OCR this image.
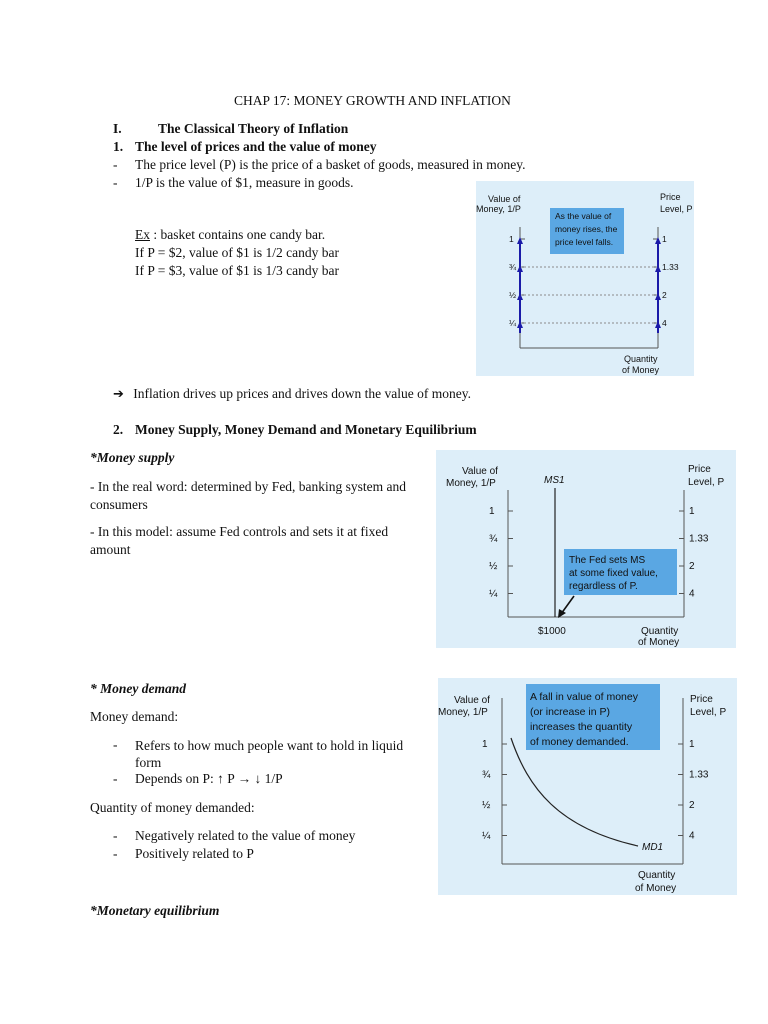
CHAP 17: MONEY GROWTH AND INFLATION
I.	The Classical Theory of Inflation
1. The level of prices and the value of money
- The price level (P) is the price of a basket of goods, measured in money.
- 1/P is the value of $1, measure in goods.
Ex : basket contains one candy bar.
If P = $2, value of $1 is 1/2 candy bar
If P = $3, value of $1 is 1/3 candy bar
Value of
Money, 1/P
Price
Level, P
1	1
¾	1.33
½	2
¼	4
As the value of
money rises, the
price level falls.
Quantity
of Money
➔ Inflation drives up prices and drives down the value of money.
2. Money Supply, Money Demand and Monetary Equilibrium
*Money supply
- In the real word: determined by Fed, banking system and consumers
- In this model: assume Fed controls and sets it at fixed amount
Value of
Money, 1/P
Price
Level, P
1	1
¾	1.33
½	2
¼	4
MS1
The Fed sets MS
at some fixed value,
regardless of P.
$1000	Quantity
of Money
* Money demand
Money demand:
- Refers to how much people want to hold in liquid form
- Depends on P: ↑ P → ↓ 1/P
Quantity of money demanded:
- Negatively related to the value of money
- Positively related to P
Value of
Money, 1/P
Price
Level, P
1	1
¾	1.33
½	2
¼	4
MD1
A fall in value of money
(or increase in P)
increases the quantity
of money demanded.
Quantity
of Money
*Monetary equilibrium
